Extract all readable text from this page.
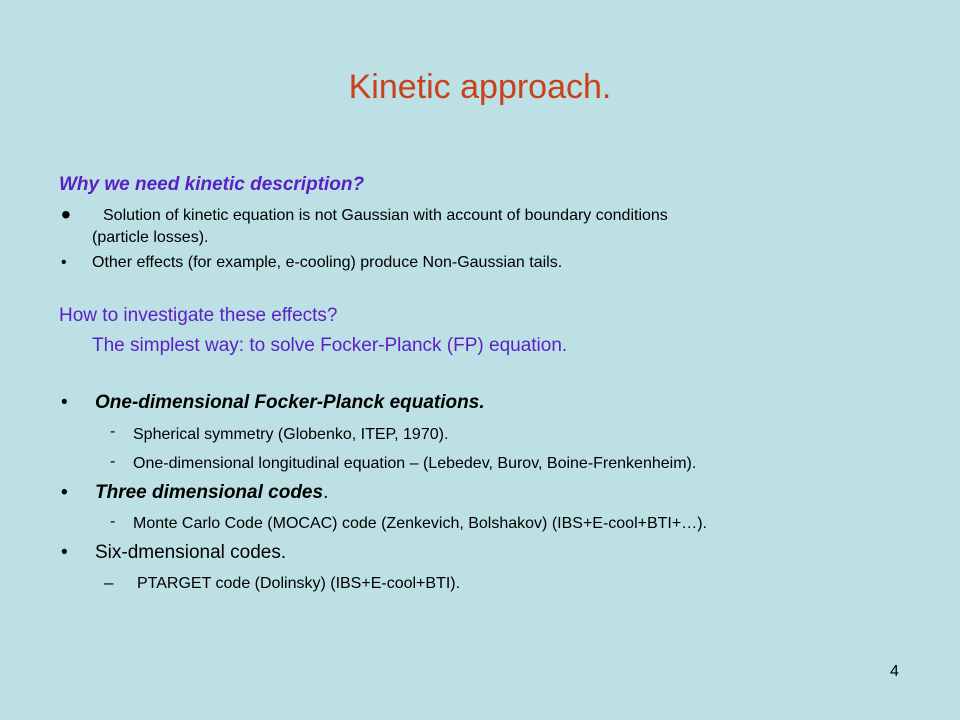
Kinetic approach.
Why we need kinetic description?
• Solution of kinetic equation is not Gaussian with account of boundary conditions
(particle losses).
• Other effects (for example, e-cooling) produce Non-Gaussian tails.
How to investigate these effects?
The simplest way: to solve Focker-Planck (FP) equation.
• One-dimensional Focker-Planck equations.
- Spherical symmetry (Globenko, ITEP, 1970).
- One-dimensional longitudinal equation – (Lebedev, Burov, Boine-Frenkenheim).
• Three dimensional codes.
- Monte Carlo Code (MOCAC) code (Zenkevich, Bolshakov) (IBS+E-cool+BTI+…).
• Six-dmensional codes.
– PTARGET code (Dolinsky) (IBS+E-cool+BTI).
4
